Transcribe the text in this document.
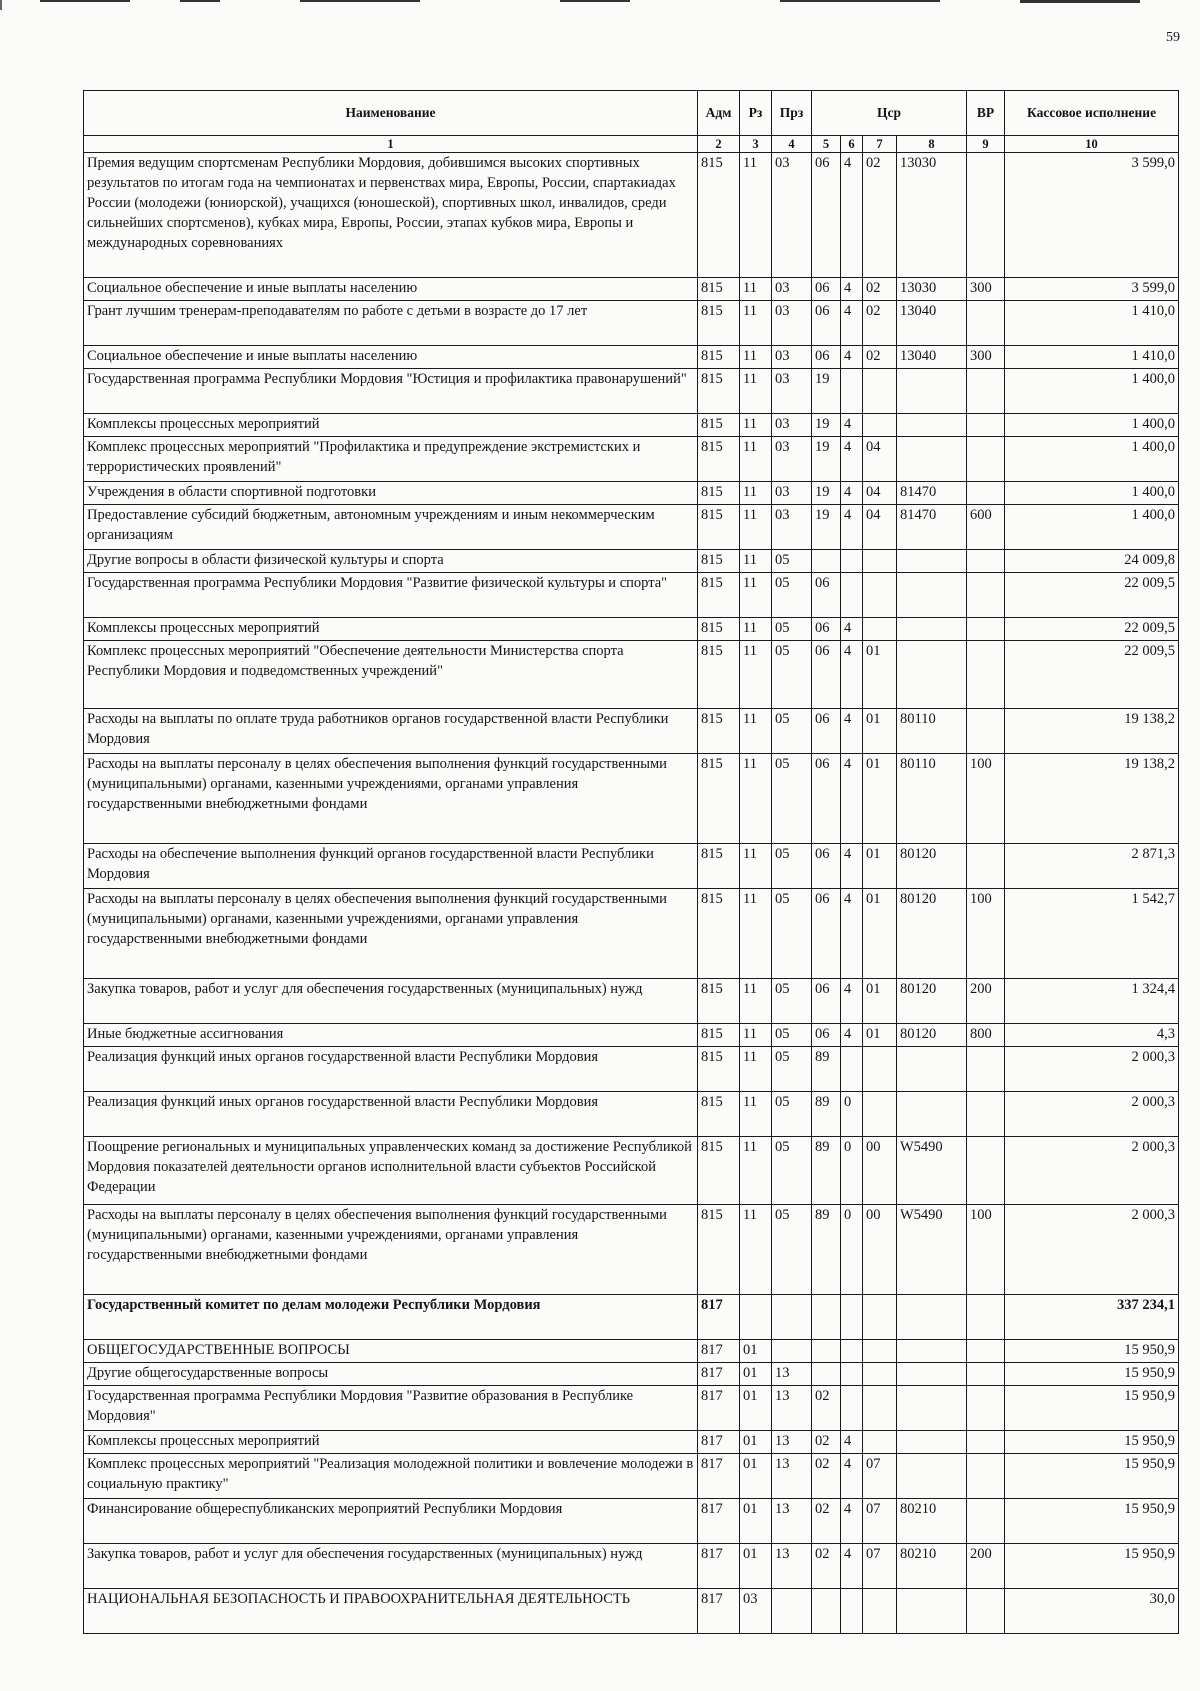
59
Наименование	Адм	Рз	Прз	Цср				ВР	Кассовое исполнение
1	2	3	4	5	6	7	8	9	10
Премия ведущим спортсменам Республики Мордовия, добившимся высоких спортивных результатов по итогам года на чемпионатах и первенствах мира, Европы, России, спартакиадах России (молодежи (юниорской), учащихся (юношеской), спортивных школ, инвалидов, среди сильнейших спортсменов), кубках мира, Европы, России, этапах кубков мира, Европы и международных соревнованиях	815	11	03	06	4	02	13030		3 599,0
Социальное обеспечение и иные выплаты населению	815	11	03	06	4	02	13030	300	3 599,0
Грант лучшим тренерам-преподавателям по работе с детьми в возрасте до 17 лет	815	11	03	06	4	02	13040		1 410,0
Социальное обеспечение и иные выплаты населению	815	11	03	06	4	02	13040	300	1 410,0
Государственная программа Республики Мордовия "Юстиция и профилактика правонарушений"	815	11	03	19					1 400,0
Комплексы процессных мероприятий	815	11	03	19	4				1 400,0
Комплекс процессных мероприятий "Профилактика и предупреждение экстремистских и террористических проявлений"	815	11	03	19	4	04			1 400,0
Учреждения в области спортивной подготовки	815	11	03	19	4	04	81470		1 400,0
Предоставление субсидий бюджетным, автономным учреждениям и иным некоммерческим организациям	815	11	03	19	4	04	81470	600	1 400,0
Другие вопросы в области физической культуры и спорта	815	11	05						24 009,8
Государственная программа Республики Мордовия "Развитие физической культуры и спорта"	815	11	05	06					22 009,5
Комплексы процессных мероприятий	815	11	05	06	4				22 009,5
Комплекс процессных мероприятий "Обеспечение деятельности Министерства спорта Республики Мордовия и подведомственных учреждений"	815	11	05	06	4	01			22 009,5
Расходы на выплаты по оплате труда работников органов государственной власти Республики Мордовия	815	11	05	06	4	01	80110		19 138,2
Расходы на выплаты персоналу в целях обеспечения выполнения функций государственными (муниципальными) органами, казенными учреждениями, органами управления государственными внебюджетными фондами	815	11	05	06	4	01	80110	100	19 138,2
Расходы на обеспечение выполнения функций органов государственной власти Республики Мордовия	815	11	05	06	4	01	80120		2 871,3
Расходы на выплаты персоналу в целях обеспечения выполнения функций государственными (муниципальными) органами, казенными учреждениями, органами управления государственными внебюджетными фондами	815	11	05	06	4	01	80120	100	1 542,7
Закупка товаров, работ и услуг для обеспечения государственных (муниципальных) нужд	815	11	05	06	4	01	80120	200	1 324,4
Иные бюджетные ассигнования	815	11	05	06	4	01	80120	800	4,3
Реализация функций иных органов государственной власти Республики Мордовия	815	11	05	89					2 000,3
Реализация функций иных органов государственной власти Республики Мордовия	815	11	05	89	0				2 000,3
Поощрение региональных и муниципальных управленческих команд за достижение Республикой Мордовия показателей деятельности органов исполнительной власти субъектов Российской Федерации	815	11	05	89	0	00	W5490		2 000,3
Расходы на выплаты персоналу в целях обеспечения выполнения функций государственными (муниципальными) органами, казенными учреждениями, органами управления государственными внебюджетными фондами	815	11	05	89	0	00	W5490	100	2 000,3
Государственный комитет по делам молодежи Республики Мордовия	817								337 234,1
ОБЩЕГОСУДАРСТВЕННЫЕ ВОПРОСЫ	817	01							15 950,9
Другие общегосударственные вопросы	817	01	13						15 950,9
Государственная программа Республики Мордовия "Развитие образования в Республике Мордовия"	817	01	13	02					15 950,9
Комплексы процессных мероприятий	817	01	13	02	4				15 950,9
Комплекс процессных мероприятий "Реализация молодежной политики и вовлечение молодежи в социальную практику"	817	01	13	02	4	07			15 950,9
Финансирование общереспубликанских мероприятий Республики Мордовия	817	01	13	02	4	07	80210		15 950,9
Закупка товаров, работ и услуг для обеспечения государственных (муниципальных) нужд	817	01	13	02	4	07	80210	200	15 950,9
НАЦИОНАЛЬНАЯ БЕЗОПАСНОСТЬ И ПРАВООХРАНИТЕЛЬНАЯ ДЕЯТЕЛЬНОСТЬ	817	03							30,0
